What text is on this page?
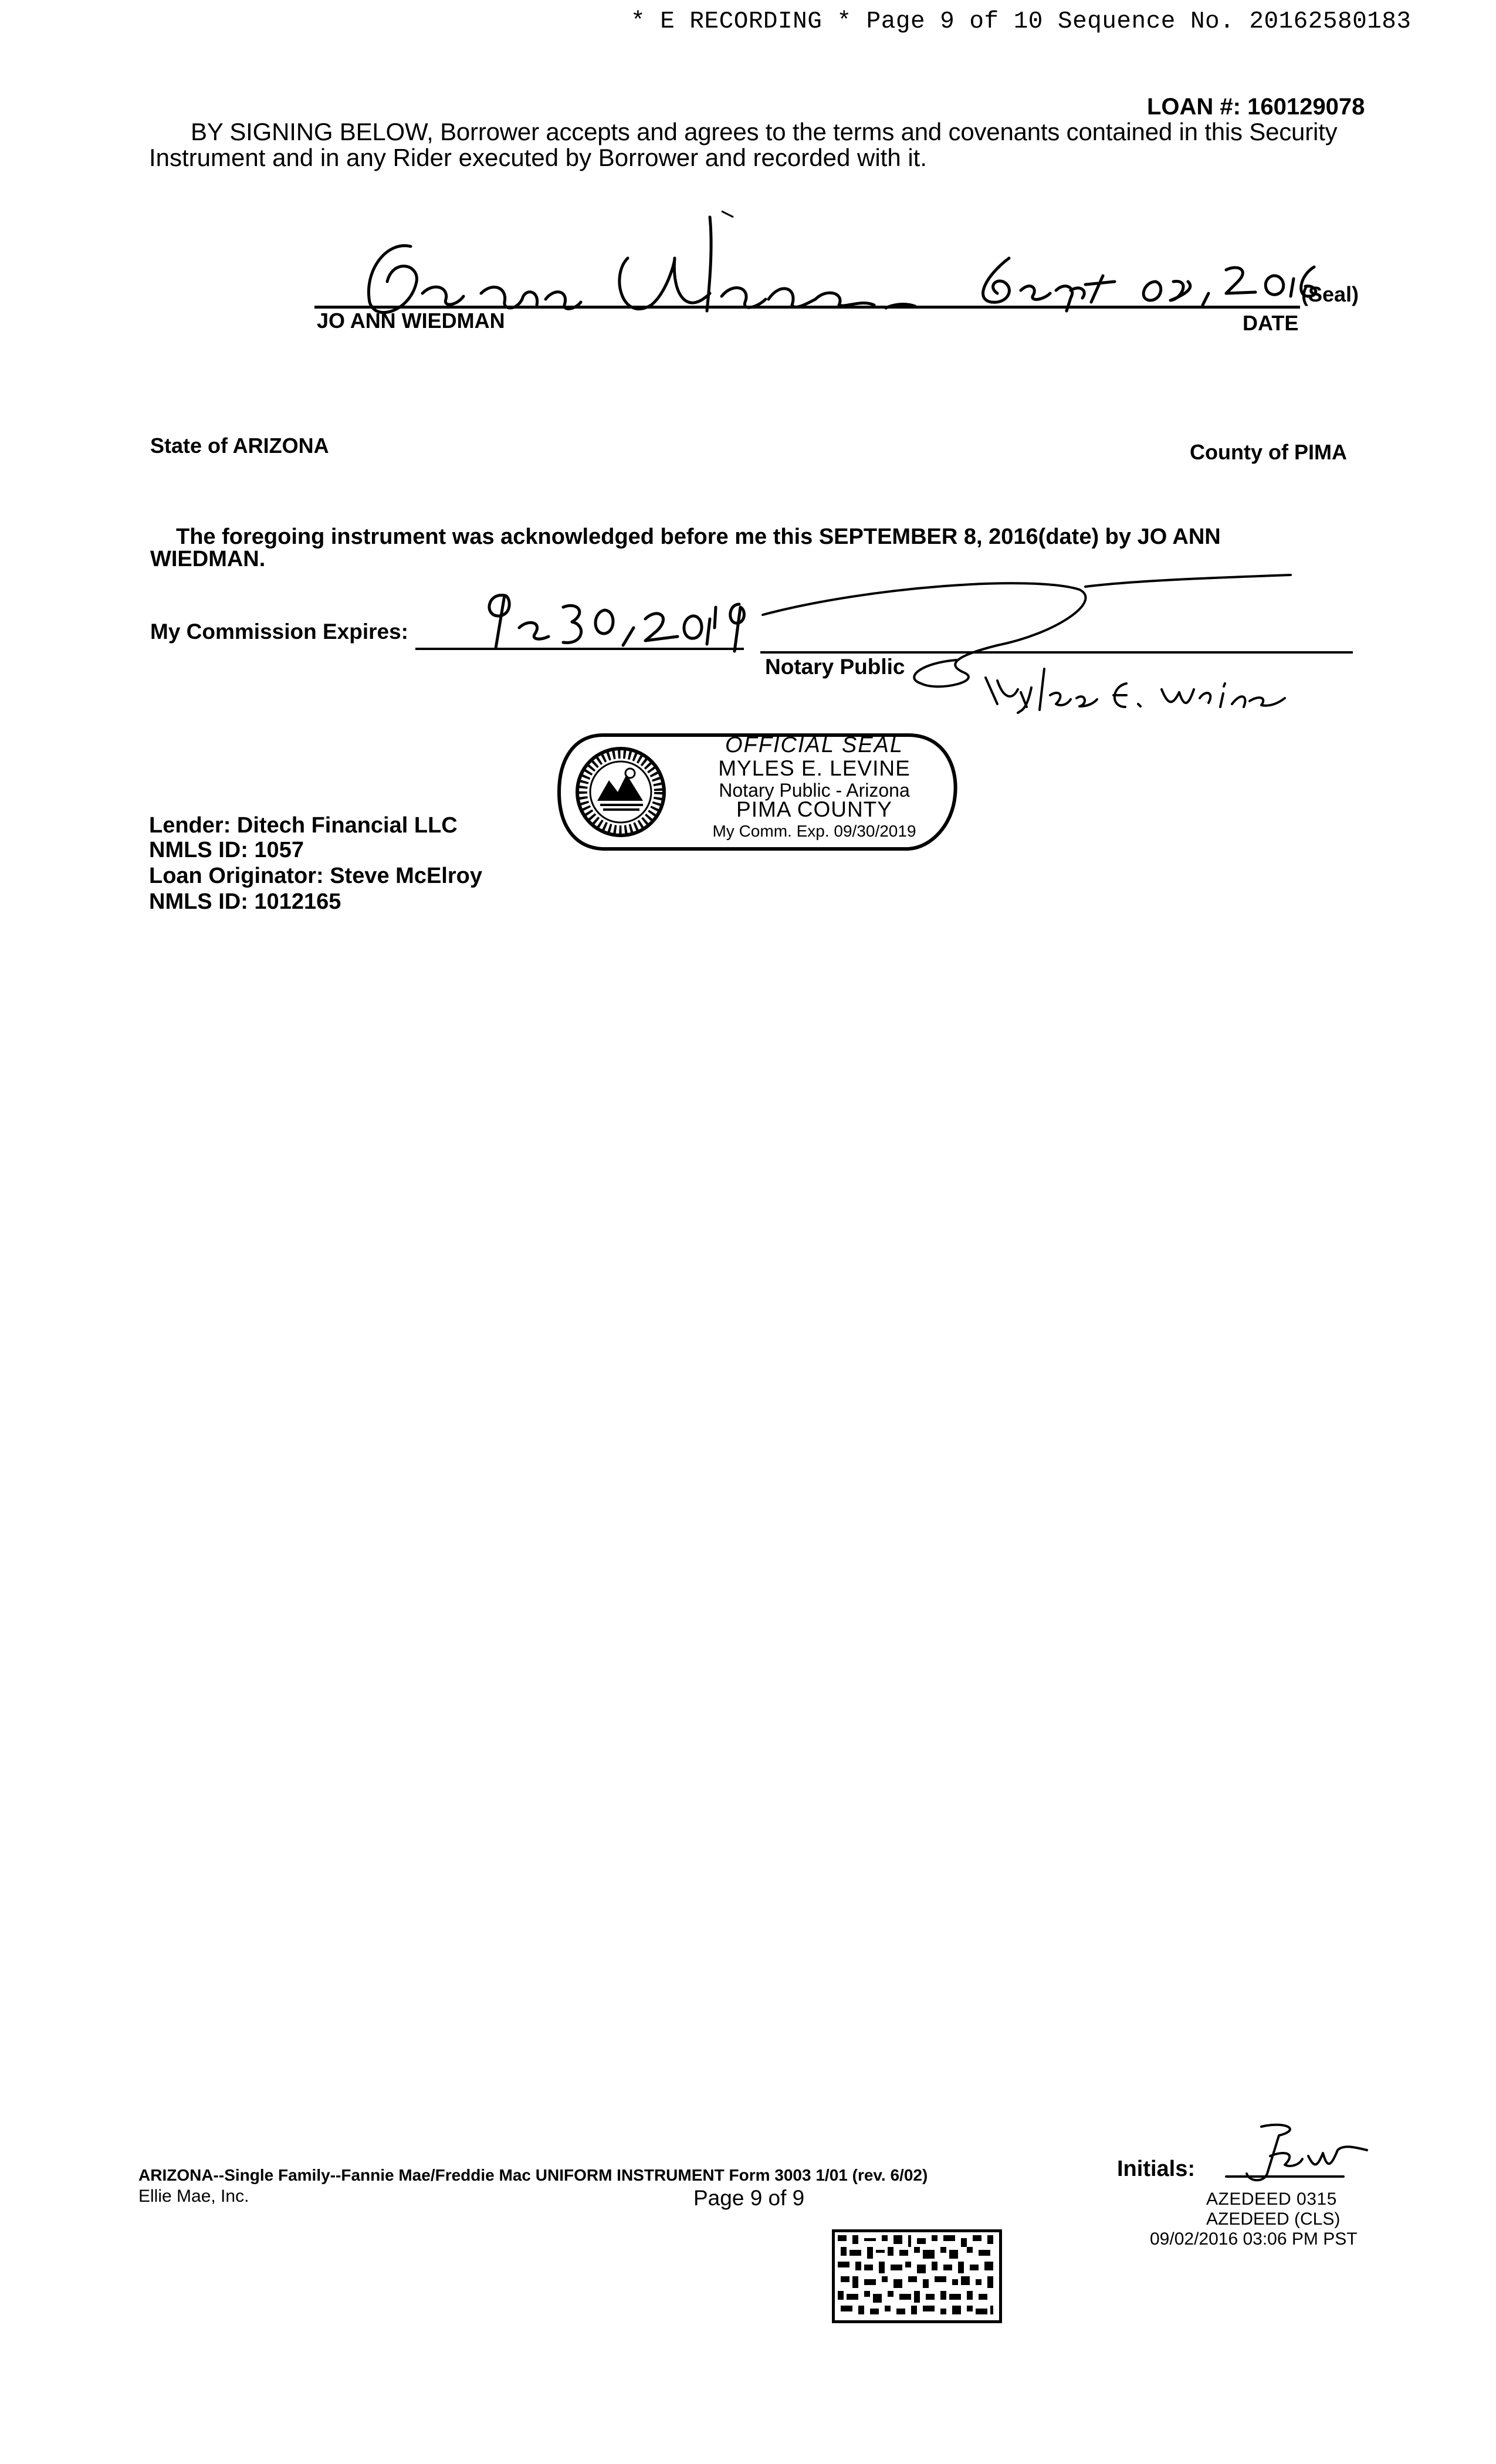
* E RECORDING * Page 9 of 10 Sequence No. 20162580183
LOAN #: 160129078
BY SIGNING BELOW, Borrower accepts and agrees to the terms and covenants contained in this Security
Instrument and in any Rider executed by Borrower and recorded with it.
JO ANN WIEDMAN	DATE
(Seal)
State of ARIZONA	County of PIMA
The foregoing instrument was acknowledged before me this SEPTEMBER 8, 2016(date) by JO ANN
WIEDMAN.
My Commission Expires:
Notary Public
OFFICIAL SEAL
MYLES E. LEVINE
Notary Public - Arizona
PIMA COUNTY
My Comm. Exp. 09/30/2019
Lender: Ditech Financial LLC
NMLS ID: 1057
Loan Originator: Steve McElroy
NMLS ID: 1012165
ARIZONA--Single Family--Fannie Mae/Freddie Mac UNIFORM INSTRUMENT Form 3003 1/01 (rev. 6/02)
Ellie Mae, Inc.	Page 9 of 9
Initials:
AZEDEED 0315
AZEDEED (CLS)
09/02/2016 03:06 PM PST
